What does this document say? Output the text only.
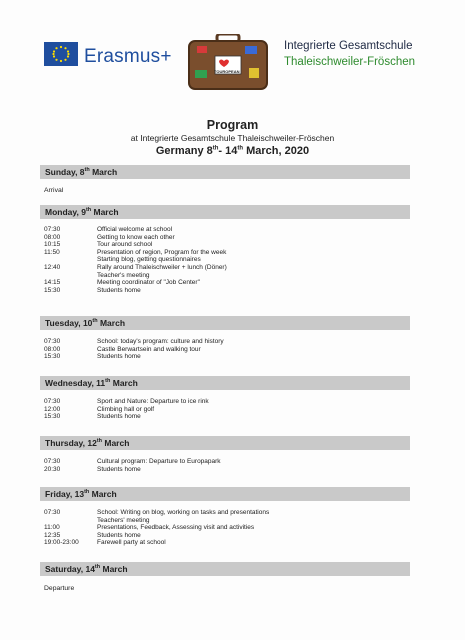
Erasmus+
TOUROPEAN
Integrierte Gesamtschule
Thaleischweiler-Fröschen
Program
at Integrierte Gesamtschule Thaleischweiler-Fröschen
Germany 8th- 14th March, 2020
Sunday, 8th March
Arrival
Monday, 9th March
07:30	Official welcome at school
08:00	Getting to know each other
10:15	Tour around school
11:50	Presentation of region, Program for the week
Starting blog, getting questionnaires
12:40	Rally around Thaleischweiler + lunch (Döner)
Teacher's meeting
14:15	Meeting coordinator of "Job Center"
15:30	Students home
Tuesday, 10th March
07:30	School: today's program: culture and history
08:00	Castle Berwartsein and walking tour
15:30	Students home
Wednesday, 11th March
07:30	Sport and Nature: Departure to ice rink
12:00	Climbing hall or golf
15:30	Students home
Thursday, 12th March
07:30	Cultural program: Departure to Europapark
20:30	Students home
Friday, 13th March
07:30	School: Writing on blog, working on tasks and presentations
Teachers' meeting
11:00	Presentations, Feedback, Assessing visit and activities
12:35	Students home
19:00-23:00	Farewell party at school
Saturday, 14th March
Departure
